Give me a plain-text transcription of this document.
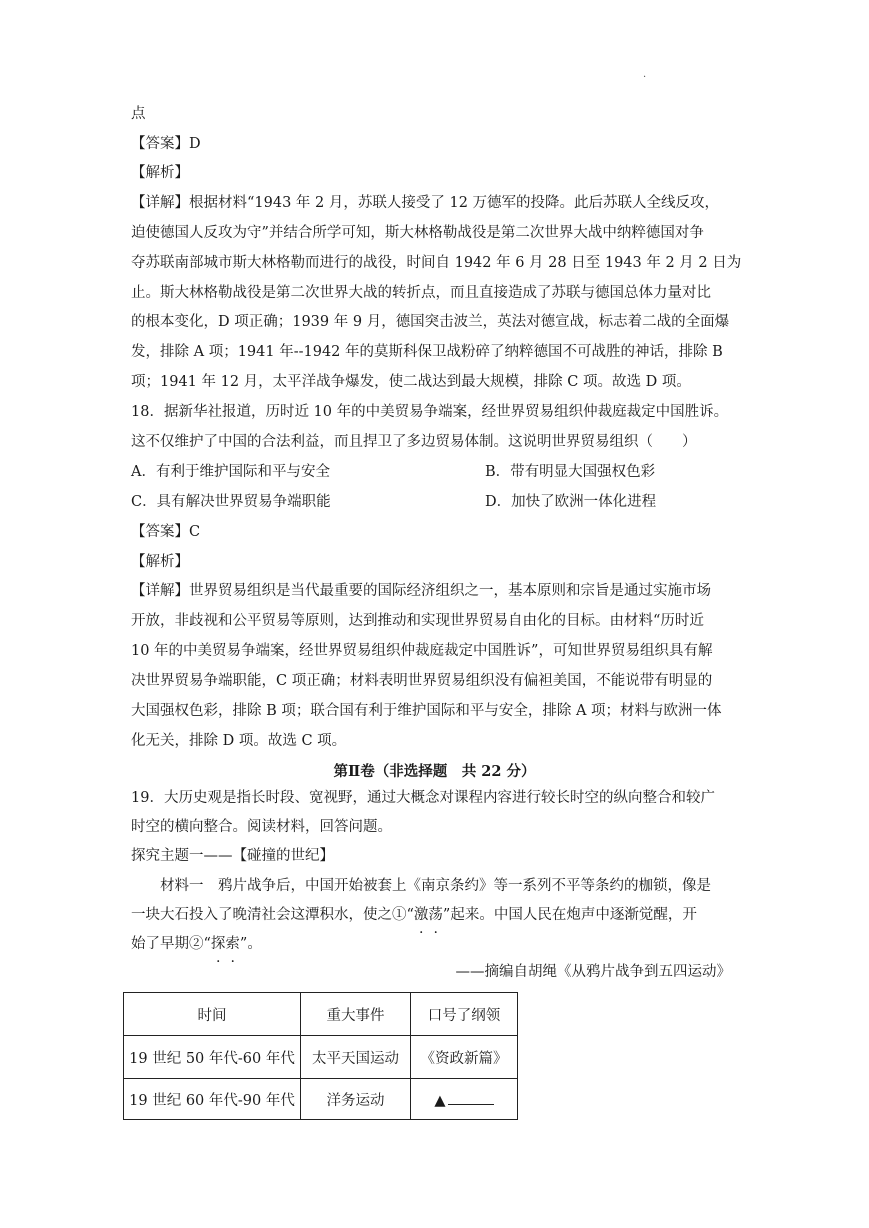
·
点
【答案】D
【解析】
【详解】根据材料“1943 年 2 月，苏联人接受了 12 万德军的投降。此后苏联人全线反攻，
迫使德国人反攻为守”并结合所学可知，斯大林格勒战役是第二次世界大战中纳粹德国对争
夺苏联南部城市斯大林格勒而进行的战役，时间自 1942 年 6 月 28 日至 1943 年 2 月 2 日为
止。斯大林格勒战役是第二次世界大战的转折点，而且直接造成了苏联与德国总体力量对比
的根本变化，D 项正确；1939 年 9 月，德国突击波兰，英法对德宣战，标志着二战的全面爆
发，排除 A 项；1941 年--1942 年的莫斯科保卫战粉碎了纳粹德国不可战胜的神话，排除 B
项；1941 年 12 月，太平洋战争爆发，使二战达到最大规模，排除 C 项。故选 D 项。
18．据新华社报道，历时近 10 年的中美贸易争端案，经世界贸易组织仲裁庭裁定中国胜诉。
这不仅维护了中国的合法利益，而且捍卫了多边贸易体制。这说明世界贸易组织（　　）
A．有利于维护国际和平与安全	B．带有明显大国强权色彩
C．具有解决世界贸易争端职能	D．加快了欧洲一体化进程
【答案】C
【解析】
【详解】世界贸易组织是当代最重要的国际经济组织之一，基本原则和宗旨是通过实施市场
开放，非歧视和公平贸易等原则，达到推动和实现世界贸易自由化的目标。由材料“历时近
10 年的中美贸易争端案，经世界贸易组织仲裁庭裁定中国胜诉”，可知世界贸易组织具有解
决世界贸易争端职能，C 项正确；材料表明世界贸易组织没有偏袒美国，不能说带有明显的
大国强权色彩，排除 B 项；联合国有利于维护国际和平与安全，排除 A 项；材料与欧洲一体
化无关，排除 D 项。故选 C 项。
第Ⅱ卷（非选择题　共 22 分）
19．大历史观是指长时段、宽视野，通过大概念对课程内容进行较长时空的纵向整合和较广
时空的横向整合。阅读材料，回答问题。
探究主题一——【碰撞的世纪】
　　材料一　鸦片战争后，中国开始被套上《南京条约》等一系列不平等条约的枷锁，像是
一块大石投入了晚清社会这潭积水，使之①“激荡”起来。中国人民在炮声中逐渐觉醒，开
始了早期②“探索”。
——摘编自胡绳《从鸦片战争到五四运动》
时间	重大事件	口号了纲领
19 世纪 50 年代-60 年代	太平天国运动	《资政新篇》
19 世纪 60 年代-90 年代	洋务运动	▲
